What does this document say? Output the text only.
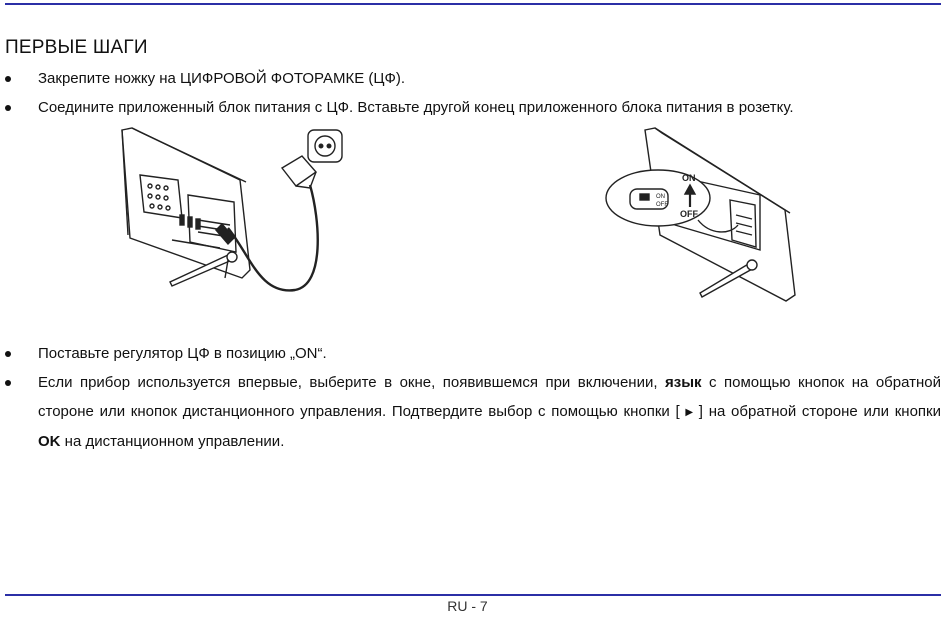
ПЕРВЫЕ ШАГИ
Закрепите ножку на ЦИФРОВОЙ ФОТОРАМКЕ (ЦФ).
Соедините приложенный блок питания с ЦФ. Вставьте другой конец приложенного блока питания в розетку.
ON
OFF
ON
OFF
Поставьте регулятор ЦФ в позицию „ON“.
Если прибор используется впервые, выберите в окне, появившемся при включении, язык с помощью кнопок на обратной стороне или кнопок дистанционного управления. Подтвердите выбор с помощью кнопки [ ▶ ] на обратной стороне или кнопки OK на дистанционном управлении.
RU - 7
